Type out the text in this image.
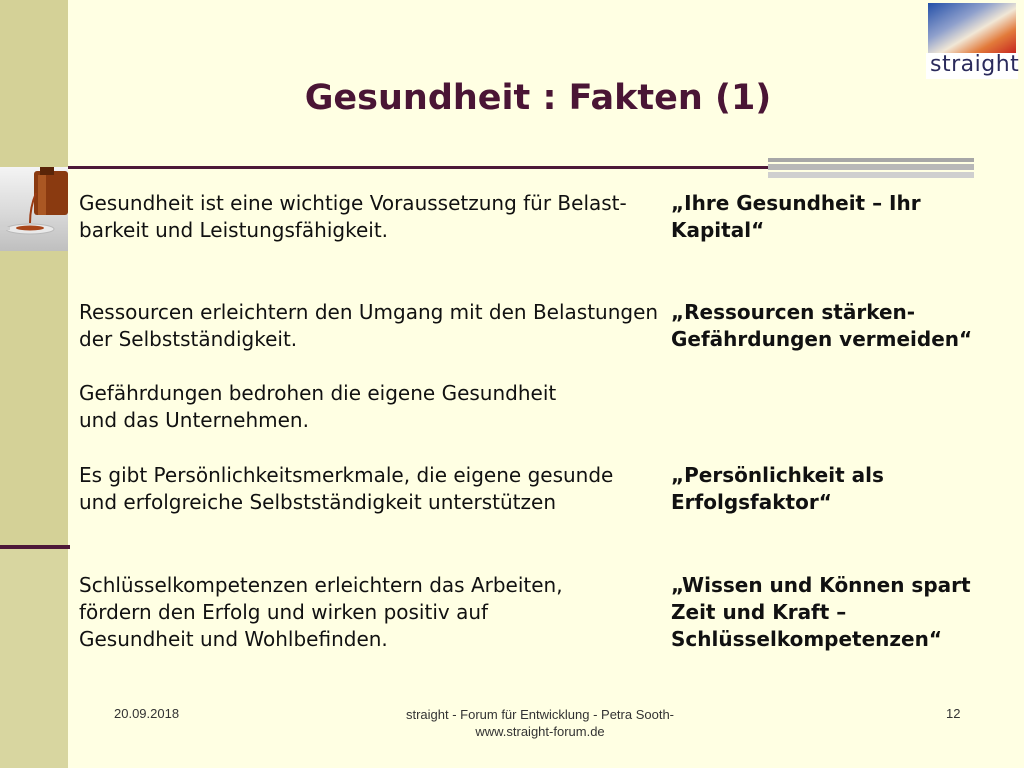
straight
Gesundheit : Fakten (1)
Gesundheit ist eine wichtige Voraussetzung für Belast-
barkeit und Leistungsfähigkeit.
„Ihre Gesundheit – Ihr
Kapital“
Ressourcen erleichtern den Umgang mit den Belastungen
der Selbstständigkeit.
„Ressourcen stärken-
Gefährdungen vermeiden“
Gefährdungen bedrohen die eigene Gesundheit
und das Unternehmen.
Es gibt Persönlichkeitsmerkmale, die eigene gesunde
und erfolgreiche Selbstständigkeit unterstützen
„Persönlichkeit als
Erfolgsfaktor“
Schlüsselkompetenzen erleichtern das Arbeiten,
fördern den Erfolg und wirken positiv auf
Gesundheit und Wohlbefinden.
„Wissen und Können spart
Zeit und Kraft –
Schlüsselkompetenzen“
20.09.2018	straight - Forum für Entwicklung - Petra Sooth-
www.straight-forum.de
12
